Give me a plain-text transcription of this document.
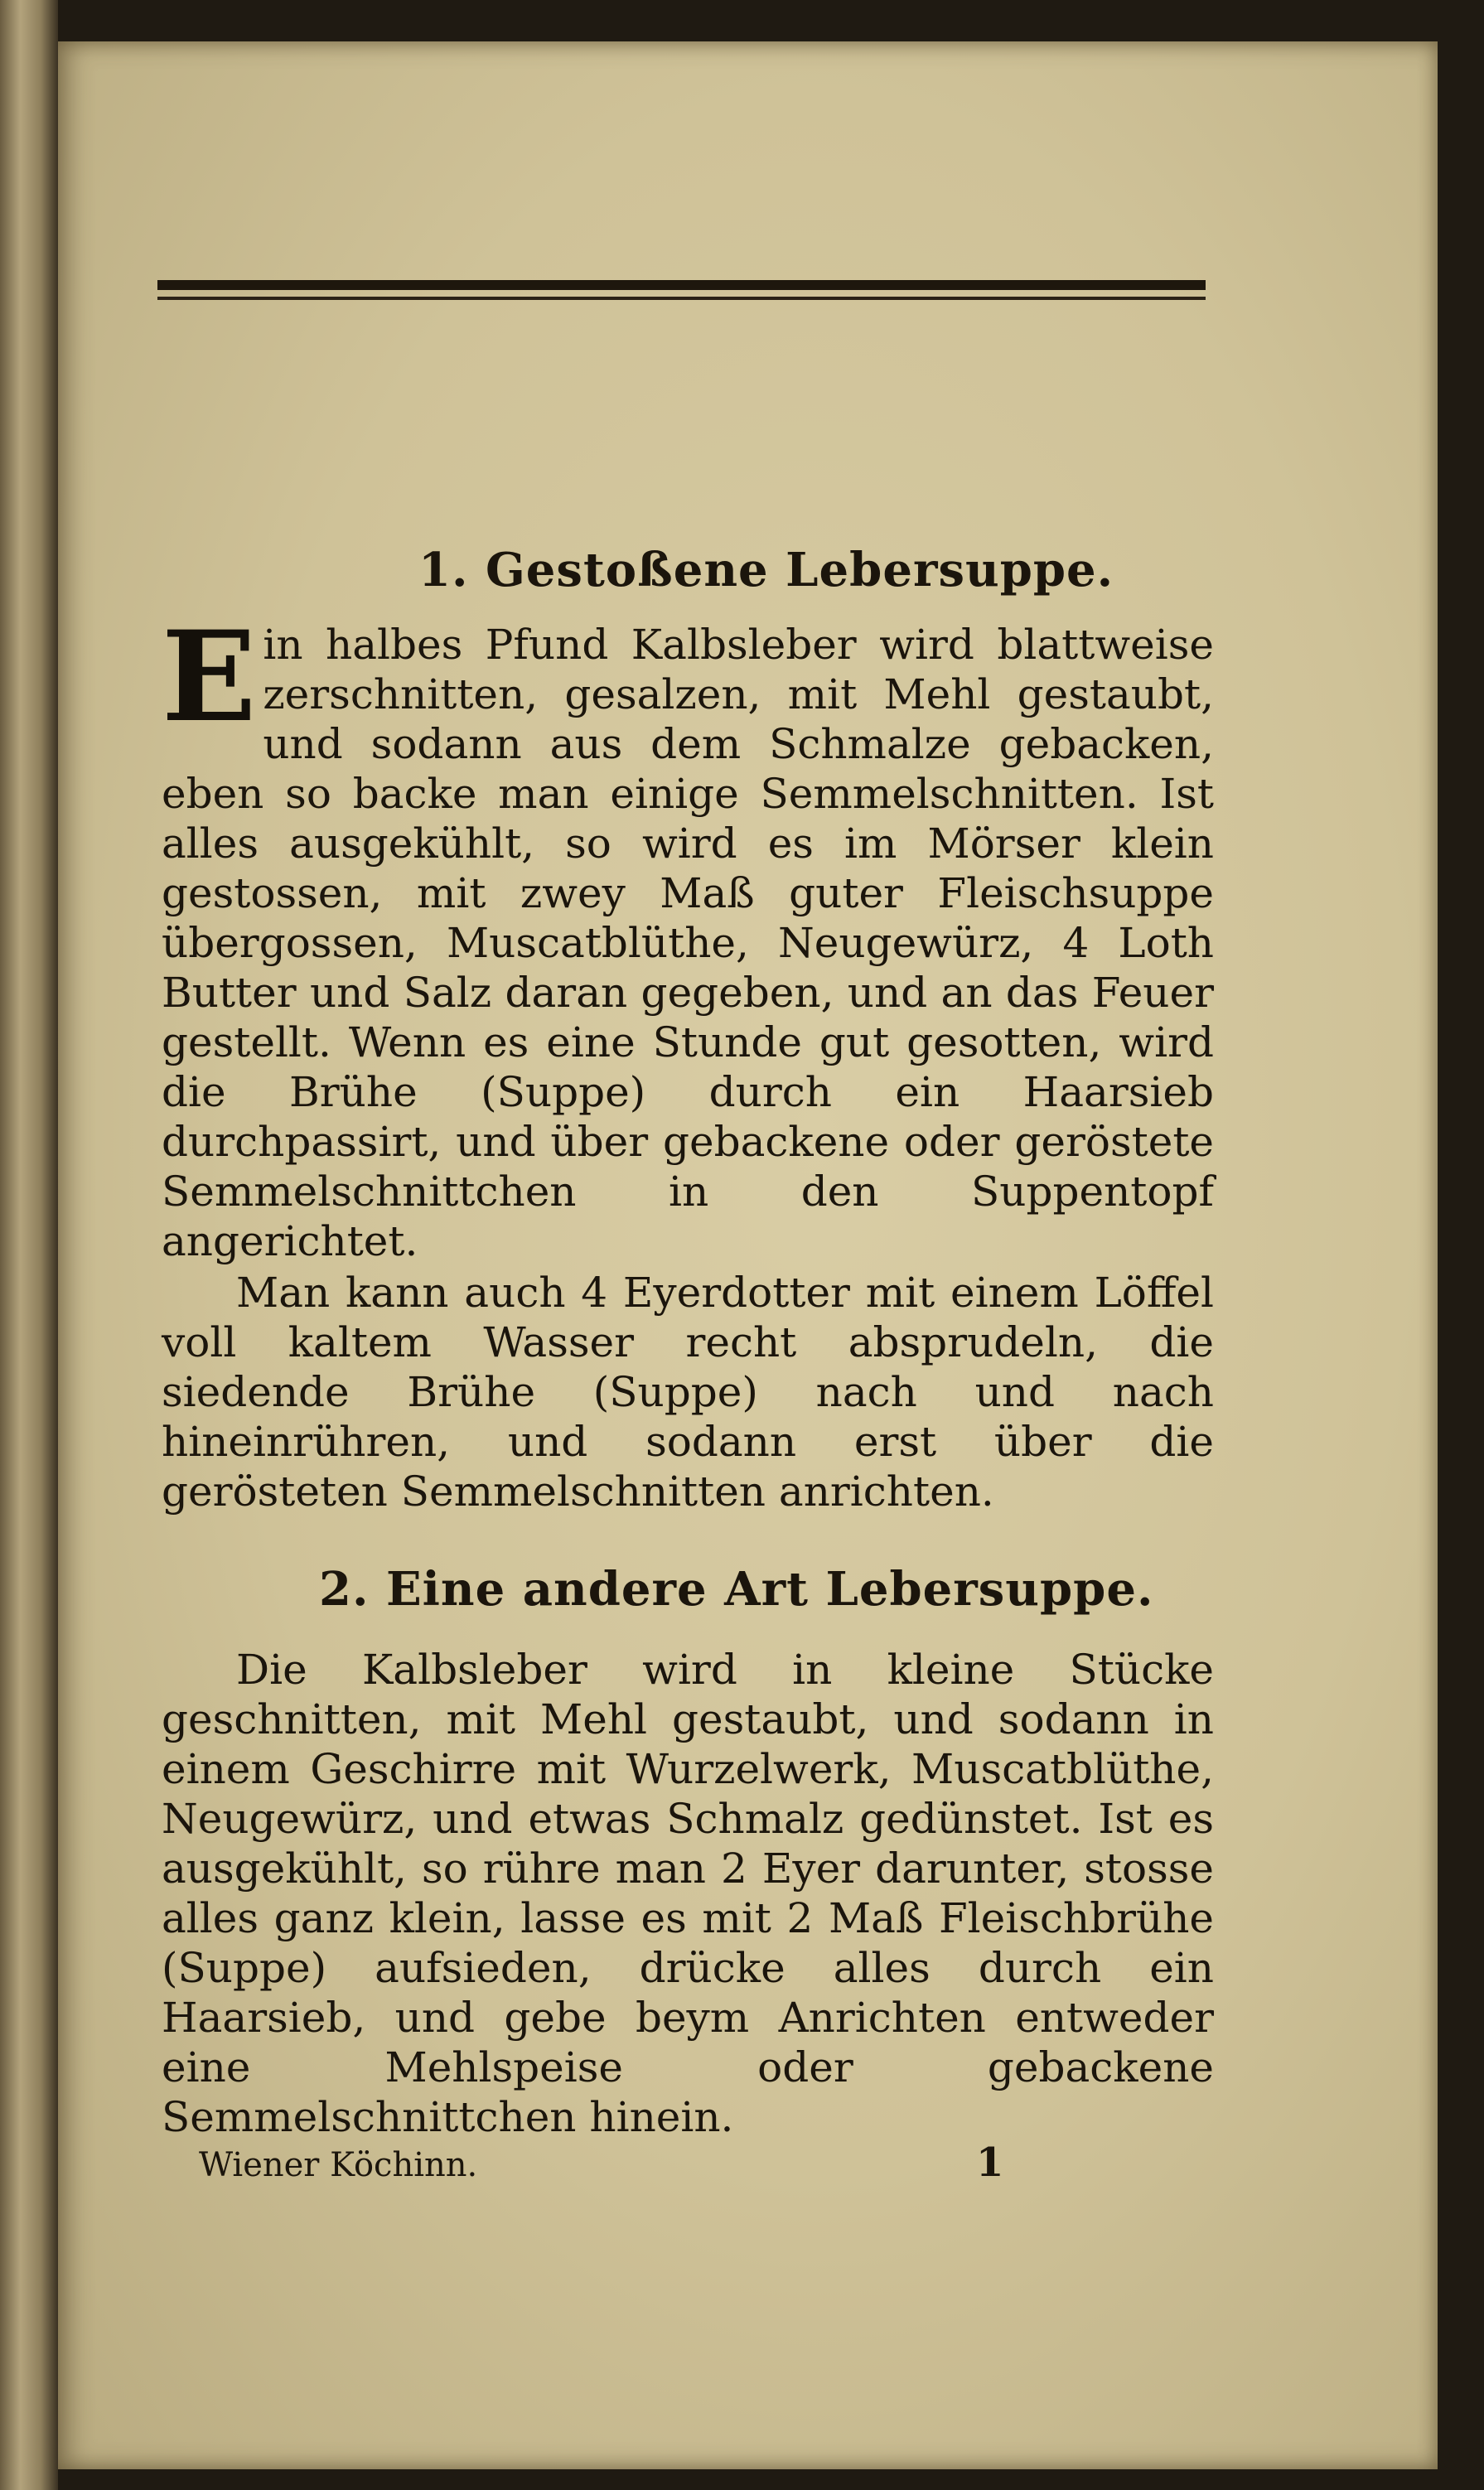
1. Gestoßene Lebersuppe.

Ein halbes Pfund Kalbsleber wird blattweise zerschnitten, gesalzen, mit Mehl gestaubt, und sodann aus dem Schmalze gebacken, eben so backe man einige Semmelschnitten. Ist alles ausgekühlt, so wird es im Mörser klein gestossen, mit zwey Maß guter Fleischsuppe übergossen, Muscatblüthe, Neugewürz, 4 Loth Butter und Salz daran gegeben, und an das Feuer gestellt. Wenn es eine Stunde gut gesotten, wird die Brühe (Suppe) durch ein Haarsieb durchpassirt, und über gebackene oder geröstete Semmelschnittchen in den Suppentopf angerichtet.

Man kann auch 4 Eyerdotter mit einem Löffel voll kaltem Wasser recht absprudeln, die siedende Brühe (Suppe) nach und nach hineinrühren, und sodann erst über die gerösteten Semmelschnitten anrichten.

2. Eine andere Art Lebersuppe.

Die Kalbsleber wird in kleine Stücke geschnitten, mit Mehl gestaubt, und sodann in einem Geschirre mit Wurzelwerk, Muscatblüthe, Neugewürz, und etwas Schmalz gedünstet. Ist es ausgekühlt, so rühre man 2 Eyer darunter, stosse alles ganz klein, lasse es mit 2 Maß Fleischbrühe (Suppe) aufsieden, drücke alles durch ein Haarsieb, und gebe beym Anrichten entweder eine Mehlspeise oder gebackene Semmelschnittchen hinein.

Wiener Köchinn.	1
